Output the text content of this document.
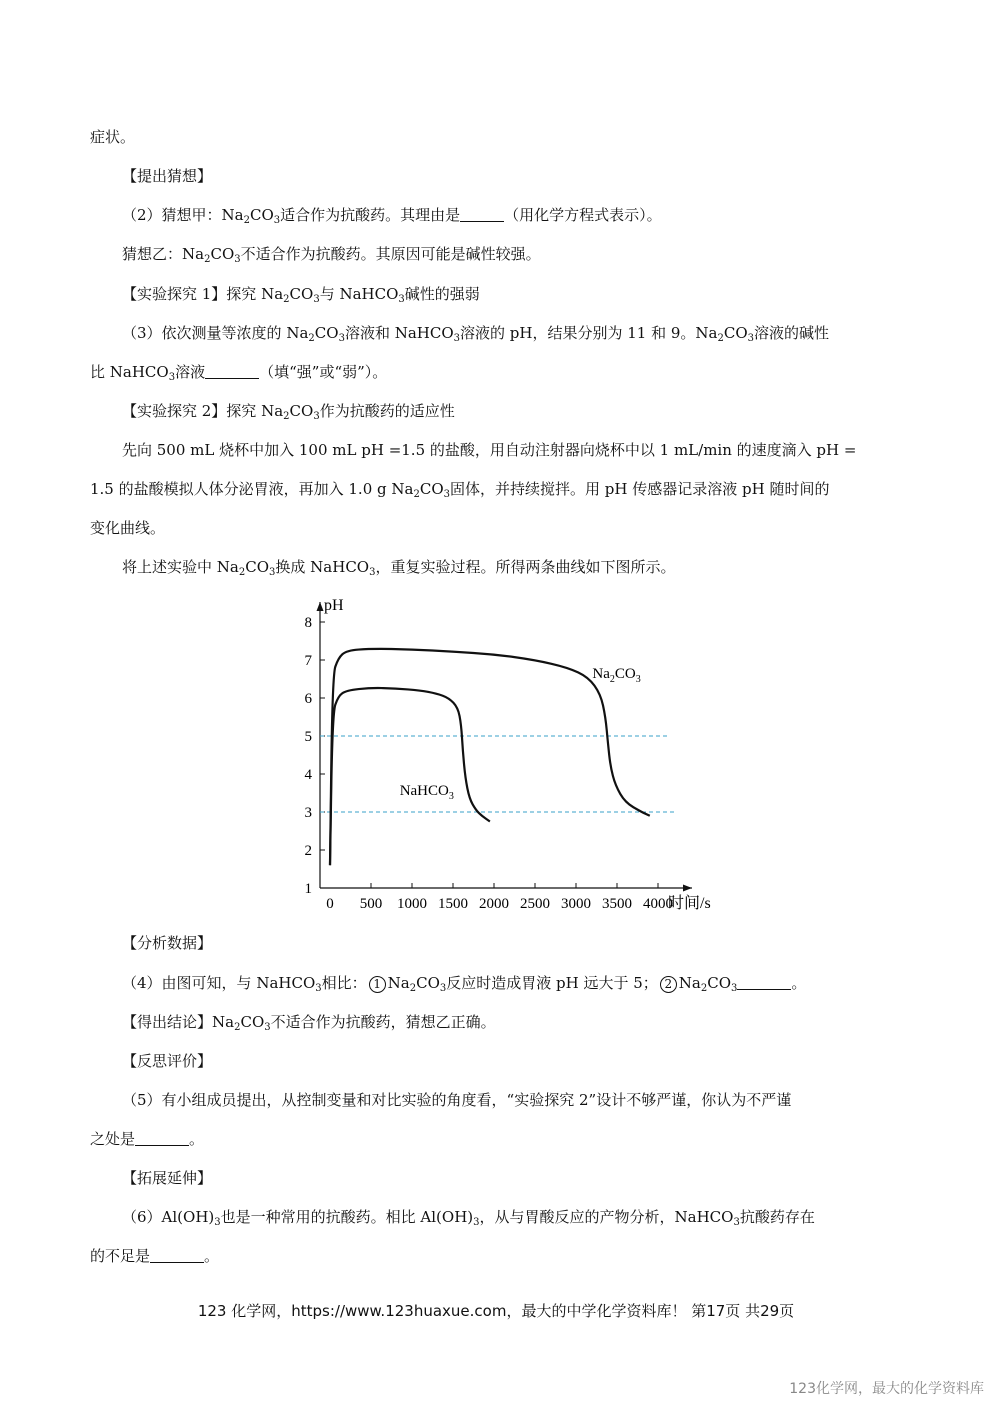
症状。
【提出猜想】
（2）猜想甲：$Na_2CO_3$适合作为抗酸药。其理由是	（用化学方程式表示）。
猜想乙：$Na_2CO_3$不适合作为抗酸药。其原因可能是碱性较强。
【实验探究 1】探究 $Na_2CO_3$与 NaHCO$_3$碱性的强弱
（3）依次测量等浓度的 $Na_2CO_3$溶液和 NaHCO$_3$溶液的 pH，结果分别为 11 和 9。$Na_2CO_3$溶液的碱性
比 NaHCO$_3$溶液	（填“强”或“弱”）。
【实验探究 2】探究 $Na_2CO_3$作为抗酸药的适应性
先向 500 mL 烧杯中加入 100 mL pH =1.5 的盐酸，用自动注射器向烧杯中以 1 mL/min 的速度滴入 pH =
1.5 的盐酸模拟人体分泌胃液，再加入 1.0 g $Na_2CO_3$固体，并持续搅拌。用 pH 传感器记录溶液 pH 随时间的
变化曲线。
将上述实验中 $Na_2CO_3$换成 NaHCO$_3$，重复实验过程。所得两条曲线如下图所示。
1
2
3
4
5
6
7
8
0 500 1000 1500 2000 2500 3000 3500 4000
pH
时间/s
$Na_2CO_3$
NaHCO$_3$
【分析数据】
（4）由图可知，与 NaHCO$_3$相比： 1 $Na_2CO_3$反应时造成胃液 pH 远大于 5； 2 $Na_2CO_3$	。
【得出结论】$Na_2CO_3$不适合作为抗酸药，猜想乙正确。
【反思评价】
（5）有小组成员提出，从控制变量和对比实验的角度看，“实验探究 2”设计不够严谨，你认为不严谨
之处是	。
【拓展延伸】
$(6)Al(OH)_3$也是一种常用的抗酸药。相比 $Al(OH)_3$，从与胃酸反应的产物分析，NaHCO$_3$抗酸药存在
的不足是	。
123 化学网，https://www.123huaxue.com，最大的中学化学资料库！ 第17页 共29页
123化学网，最大的化学资料库
